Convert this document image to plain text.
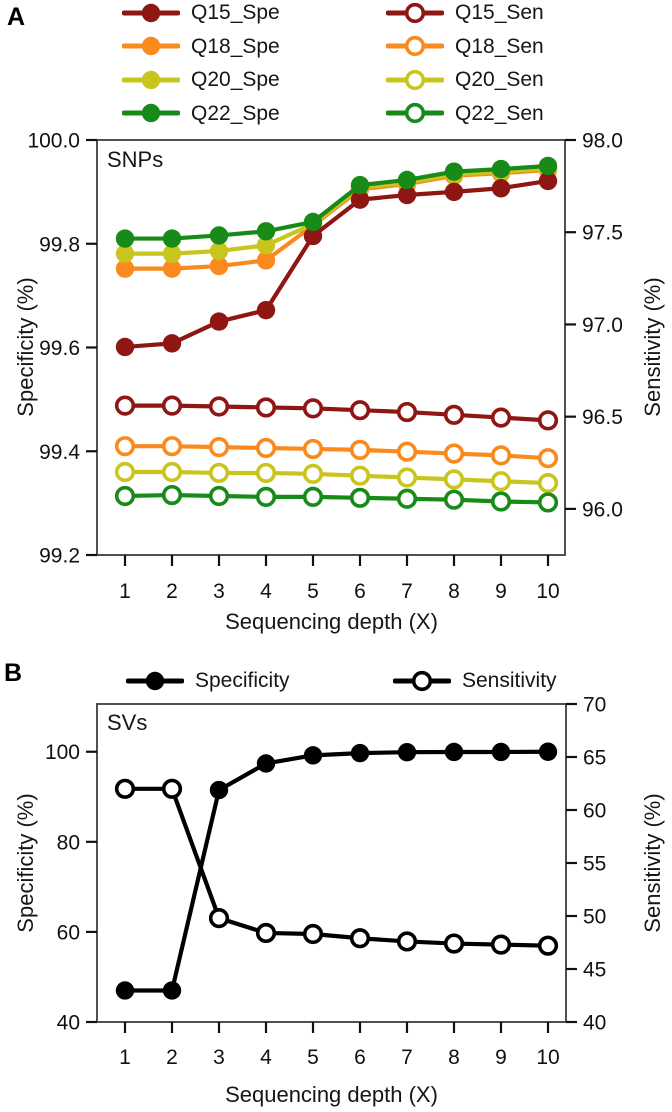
100.0
99.8
99.6
99.4
99.2
98.0
97.5
97.0
96.5
96.0
1 2 3 4 5 6 7 8 9 10
100
80
60
40
70
65
60
55
50
45
40
1 2 3 4 5 6 7 8 9 10
A	Q15_Spe
Q18_Spe
Q20_Spe
Q22_Spe
Q15_Sen
Q18_Sen
Q20_Sen
Q22_Sen
SNPs
Specificity (%)	Sensitivity (%)
Sequencing depth (X)
B	Specificity	Sensitivity
SVs
Specificity (%)	Sensitivity (%)
Sequencing depth (X)
